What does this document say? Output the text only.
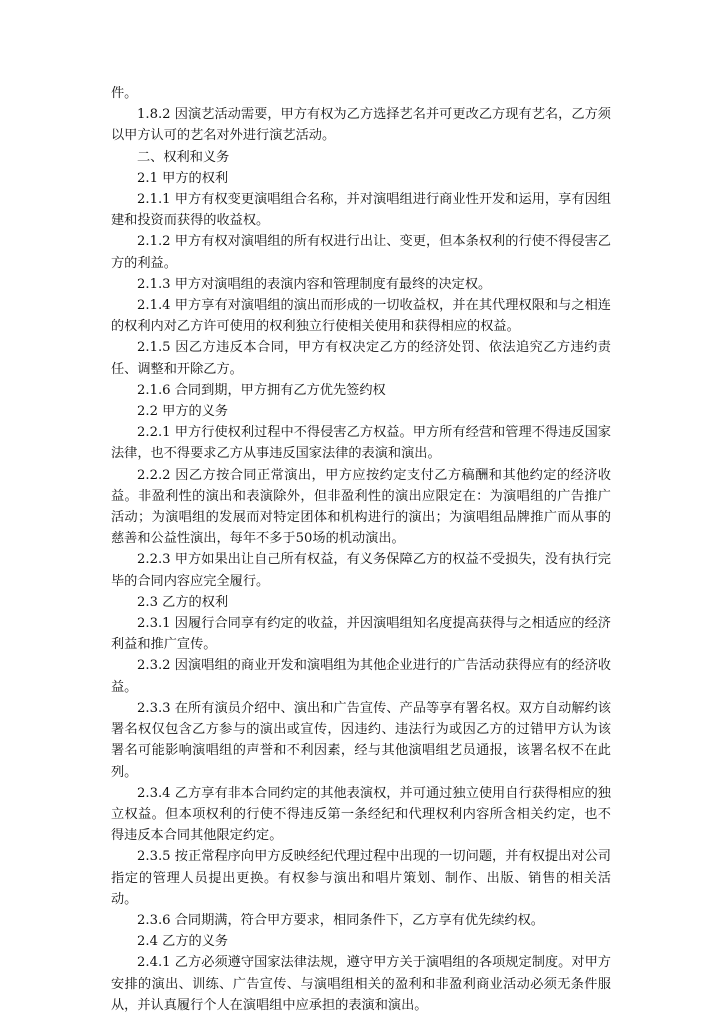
件。

1.8.2 因演艺活动需要，甲方有权为乙方选择艺名并可更改乙方现有艺名，乙方须以甲方认可的艺名对外进行演艺活动。

二、权利和义务

2.1 甲方的权利

2.1.1 甲方有权变更演唱组合名称，并对演唱组进行商业性开发和运用，享有因组建和投资而获得的收益权。

2.1.2 甲方有权对演唱组的所有权进行出让、变更，但本条权利的行使不得侵害乙方的利益。

2.1.3 甲方对演唱组的表演内容和管理制度有最终的决定权。

2.1.4 甲方享有对演唱组的演出而形成的一切收益权，并在其代理权限和与之相连的权利内对乙方许可使用的权利独立行使相关使用和获得相应的权益。

2.1.5 因乙方违反本合同，甲方有权决定乙方的经济处罚、依法追究乙方违约责任、调整和开除乙方。

2.1.6 合同到期，甲方拥有乙方优先签约权

2.2 甲方的义务

2.2.1 甲方行使权利过程中不得侵害乙方权益。甲方所有经营和管理不得违反国家法律，也不得要求乙方从事违反国家法律的表演和演出。

2.2.2 因乙方按合同正常演出，甲方应按约定支付乙方稿酬和其他约定的经济收益。非盈利性的演出和表演除外，但非盈利性的演出应限定在：为演唱组的广告推广活动；为演唱组的发展而对特定团体和机构进行的演出；为演唱组品牌推广而从事的慈善和公益性演出，每年不多于50场的机动演出。

2.2.3 甲方如果出让自己所有权益，有义务保障乙方的权益不受损失，没有执行完毕的合同内容应完全履行。

2.3 乙方的权利

2.3.1 因履行合同享有约定的收益，并因演唱组知名度提高获得与之相适应的经济利益和推广宣传。

2.3.2 因演唱组的商业开发和演唱组为其他企业进行的广告活动获得应有的经济收益。

2.3.3 在所有演员介绍中、演出和广告宣传、产品等享有署名权。双方自动解约该署名权仅包含乙方参与的演出或宣传，因违约、违法行为或因乙方的过错甲方认为该署名可能影响演唱组的声誉和不利因素，经与其他演唱组艺员通报，该署名权不在此列。

2.3.4 乙方享有非本合同约定的其他表演权，并可通过独立使用自行获得相应的独立权益。但本项权利的行使不得违反第一条经纪和代理权利内容所含相关约定，也不得违反本合同其他限定约定。

2.3.5 按正常程序向甲方反映经纪代理过程中出现的一切问题，并有权提出对公司指定的管理人员提出更换。有权参与演出和唱片策划、制作、出版、销售的相关活动。

2.3.6 合同期满，符合甲方要求，相同条件下，乙方享有优先续约权。

2.4 乙方的义务

2.4.1 乙方必须遵守国家法律法规，遵守甲方关于演唱组的各项规定制度。对甲方安排的演出、训练、广告宣传、与演唱组相关的盈利和非盈利商业活动必须无条件服从，并认真履行个人在演唱组中应承担的表演和演出。
